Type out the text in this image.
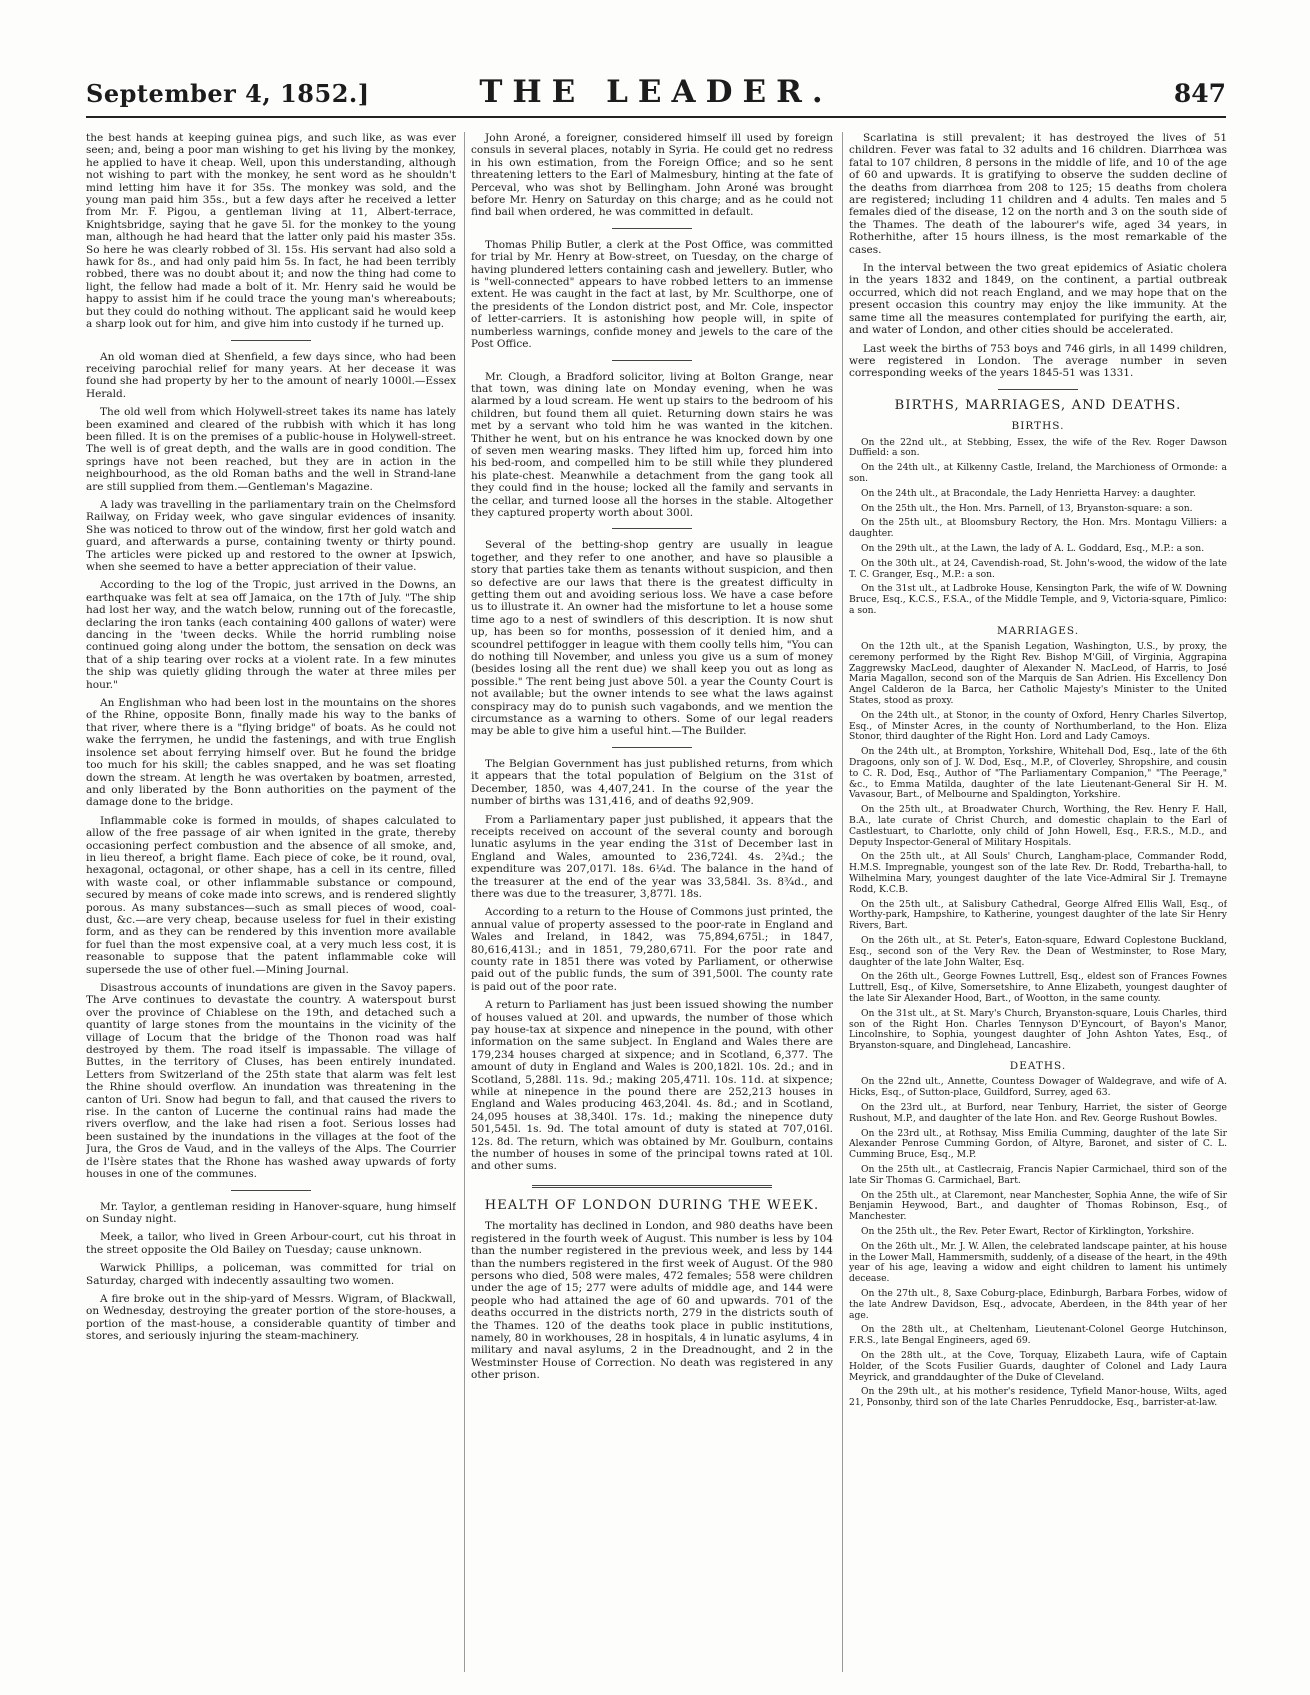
September 4, 1852.]	THE LEADER.	847

the best hands at keeping guinea pigs, and such like, as was ever seen; and, being a poor man wishing to get his living by the monkey, he applied to have it cheap. Well, upon this understanding, although not wishing to part with the monkey, he sent word as he shouldn't mind letting him have it for 35s. The monkey was sold, and the young man paid him 35s., but a few days after he received a letter from Mr. F. Pigou, a gentleman living at 11, Albert-terrace, Knightsbridge, saying that he gave 5l. for the monkey to the young man, although he had heard that the latter only paid his master 35s. So here he was clearly robbed of 3l. 15s. His servant had also sold a hawk for 8s., and had only paid him 5s. In fact, he had been terribly robbed, there was no doubt about it; and now the thing had come to light, the fellow had made a bolt of it. Mr. Henry said he would be happy to assist him if he could trace the young man's whereabouts; but they could do nothing without. The applicant said he would keep a sharp look out for him, and give him into custody if he turned up.

An old woman died at Shenfield, a few days since, who had been receiving parochial relief for many years. At her decease it was found she had property by her to the amount of nearly 1000l.—Essex Herald.

The old well from which Holywell-street takes its name has lately been examined and cleared of the rubbish with which it has long been filled. It is on the premises of a public-house in Holywell-street. The well is of great depth, and the walls are in good condition. The springs have not been reached, but they are in action in the neighbourhood, as the old Roman baths and the well in Strand-lane are still supplied from them.—Gentleman's Magazine.

A lady was travelling in the parliamentary train on the Chelmsford Railway, on Friday week, who gave singular evidences of insanity. She was noticed to throw out of the window, first her gold watch and guard, and afterwards a purse, containing twenty or thirty pound. The articles were picked up and restored to the owner at Ipswich, when she seemed to have a better appreciation of their value.

According to the log of the Tropic, just arrived in the Downs, an earthquake was felt at sea off Jamaica, on the 17th of July. "The ship had lost her way, and the watch below, running out of the forecastle, declaring the iron tanks (each containing 400 gallons of water) were dancing in the 'tween decks. While the horrid rumbling noise continued going along under the bottom, the sensation on deck was that of a ship tearing over rocks at a violent rate. In a few minutes the ship was quietly gliding through the water at three miles per hour."

An Englishman who had been lost in the mountains on the shores of the Rhine, opposite Bonn, finally made his way to the banks of that river, where there is a "flying bridge" of boats. As he could not wake the ferrymen, he undid the fastenings, and with true English insolence set about ferrying himself over. But he found the bridge too much for his skill; the cables snapped, and he was set floating down the stream. At length he was overtaken by boatmen, arrested, and only liberated by the Bonn authorities on the payment of the damage done to the bridge.

Inflammable coke is formed in moulds, of shapes calculated to allow of the free passage of air when ignited in the grate, thereby occasioning perfect combustion and the absence of all smoke, and, in lieu thereof, a bright flame. Each piece of coke, be it round, oval, hexagonal, octagonal, or other shape, has a cell in its centre, filled with waste coal, or other inflammable substance or compound, secured by means of coke made into screws, and is rendered slightly porous. As many substances—such as small pieces of wood, coal-dust, &c.—are very cheap, because useless for fuel in their existing form, and as they can be rendered by this invention more available for fuel than the most expensive coal, at a very much less cost, it is reasonable to suppose that the patent inflammable coke will supersede the use of other fuel.—Mining Journal.

Disastrous accounts of inundations are given in the Savoy papers. The Arve continues to devastate the country. A waterspout burst over the province of Chiablese on the 19th, and detached such a quantity of large stones from the mountains in the vicinity of the village of Locum that the bridge of the Thonon road was half destroyed by them. The road itself is impassable. The village of Buttes, in the territory of Cluses, has been entirely inundated. Letters from Switzerland of the 25th state that alarm was felt lest the Rhine should overflow. An inundation was threatening in the canton of Uri. Snow had begun to fall, and that caused the rivers to rise. In the canton of Lucerne the continual rains had made the rivers overflow, and the lake had risen a foot. Serious losses had been sustained by the inundations in the villages at the foot of the Jura, the Gros de Vaud, and in the valleys of the Alps. The Courrier de l'Isère states that the Rhone has washed away upwards of forty houses in one of the communes.

Mr. Taylor, a gentleman residing in Hanover-square, hung himself on Sunday night.

Meek, a tailor, who lived in Green Arbour-court, cut his throat in the street opposite the Old Bailey on Tuesday; cause unknown.

Warwick Phillips, a policeman, was committed for trial on Saturday, charged with indecently assaulting two women.

A fire broke out in the ship-yard of Messrs. Wigram, of Blackwall, on Wednesday, destroying the greater portion of the store-houses, a portion of the mast-house, a considerable quantity of timber and stores, and seriously injuring the steam-machinery.

John Aroné, a foreigner, considered himself ill used by foreign consuls in several places, notably in Syria. He could get no redress in his own estimation, from the Foreign Office; and so he sent threatening letters to the Earl of Malmesbury, hinting at the fate of Perceval, who was shot by Bellingham. John Aroné was brought before Mr. Henry on Saturday on this charge; and as he could not find bail when ordered, he was committed in default.

Thomas Philip Butler, a clerk at the Post Office, was committed for trial by Mr. Henry at Bow-street, on Tuesday, on the charge of having plundered letters containing cash and jewellery. Butler, who is "well-connected" appears to have robbed letters to an immense extent. He was caught in the fact at last, by Mr. Sculthorpe, one of the presidents of the London district post, and Mr. Cole, inspector of letter-carriers. It is astonishing how people will, in spite of numberless warnings, confide money and jewels to the care of the Post Office.

Mr. Clough, a Bradford solicitor, living at Bolton Grange, near that town, was dining late on Monday evening, when he was alarmed by a loud scream. He went up stairs to the bedroom of his children, but found them all quiet. Returning down stairs he was met by a servant who told him he was wanted in the kitchen. Thither he went, but on his entrance he was knocked down by one of seven men wearing masks. They lifted him up, forced him into his bed-room, and compelled him to be still while they plundered his plate-chest. Meanwhile a detachment from the gang took all they could find in the house; locked all the family and servants in the cellar, and turned loose all the horses in the stable. Altogether they captured property worth about 300l.

Several of the betting-shop gentry are usually in league together, and they refer to one another, and have so plausible a story that parties take them as tenants without suspicion, and then so defective are our laws that there is the greatest difficulty in getting them out and avoiding serious loss. We have a case before us to illustrate it. An owner had the misfortune to let a house some time ago to a nest of swindlers of this description. It is now shut up, has been so for months, possession of it denied him, and a scoundrel pettifogger in league with them coolly tells him, "You can do nothing till November, and unless you give us a sum of money (besides losing all the rent due) we shall keep you out as long as possible." The rent being just above 50l. a year the County Court is not available; but the owner intends to see what the laws against conspiracy may do to punish such vagabonds, and we mention the circumstance as a warning to others. Some of our legal readers may be able to give him a useful hint.—The Builder.

The Belgian Government has just published returns, from which it appears that the total population of Belgium on the 31st of December, 1850, was 4,407,241. In the course of the year the number of births was 131,416, and of deaths 92,909.

From a Parliamentary paper just published, it appears that the receipts received on account of the several county and borough lunatic asylums in the year ending the 31st of December last in England and Wales, amounted to 236,724l. 4s. 2¾d.; the expenditure was 207,017l. 18s. 6¼d. The balance in the hand of the treasurer at the end of the year was 33,584l. 3s. 8¾d., and there was due to the treasurer, 3,877l. 18s.

According to a return to the House of Commons just printed, the annual value of property assessed to the poor-rate in England and Wales and Ireland, in 1842, was 75,894,675l.; in 1847, 80,616,413l.; and in 1851, 79,280,671l. For the poor rate and county rate in 1851 there was voted by Parliament, or otherwise paid out of the public funds, the sum of 391,500l. The county rate is paid out of the poor rate.

A return to Parliament has just been issued showing the number of houses valued at 20l. and upwards, the number of those which pay house-tax at sixpence and ninepence in the pound, with other information on the same subject. In England and Wales there are 179,234 houses charged at sixpence; and in Scotland, 6,377. The amount of duty in England and Wales is 200,182l. 10s. 2d.; and in Scotland, 5,288l. 11s. 9d.; making 205,471l. 10s. 11d. at sixpence; while at ninepence in the pound there are 252,213 houses in England and Wales producing 463,204l. 4s. 8d.; and in Scotland, 24,095 houses at 38,340l. 17s. 1d.; making the ninepence duty 501,545l. 1s. 9d. The total amount of duty is stated at 707,016l. 12s. 8d. The return, which was obtained by Mr. Goulburn, contains the number of houses in some of the principal towns rated at 10l. and other sums.

HEALTH OF LONDON DURING THE WEEK.

The mortality has declined in London, and 980 deaths have been registered in the fourth week of August. This number is less by 104 than the number registered in the previous week, and less by 144 than the numbers registered in the first week of August. Of the 980 persons who died, 508 were males, 472 females; 558 were children under the age of 15; 277 were adults of middle age, and 144 were people who had attained the age of 60 and upwards. 701 of the deaths occurred in the districts north, 279 in the districts south of the Thames. 120 of the deaths took place in public institutions, namely, 80 in workhouses, 28 in hospitals, 4 in lunatic asylums, 4 in military and naval asylums, 2 in the Dreadnought, and 2 in the Westminster House of Correction. No death was registered in any other prison.

Scarlatina is still prevalent; it has destroyed the lives of 51 children. Fever was fatal to 32 adults and 16 children. Diarrhœa was fatal to 107 children, 8 persons in the middle of life, and 10 of the age of 60 and upwards. It is gratifying to observe the sudden decline of the deaths from diarrhœa from 208 to 125; 15 deaths from cholera are registered; including 11 children and 4 adults. Ten males and 5 females died of the disease, 12 on the north and 3 on the south side of the Thames. The death of the labourer's wife, aged 34 years, in Rotherhithe, after 15 hours illness, is the most remarkable of the cases.

In the interval between the two great epidemics of Asiatic cholera in the years 1832 and 1849, on the continent, a partial outbreak occurred, which did not reach England, and we may hope that on the present occasion this country may enjoy the like immunity. At the same time all the measures contemplated for purifying the earth, air, and water of London, and other cities should be accelerated.

Last week the births of 753 boys and 746 girls, in all 1499 children, were registered in London. The average number in seven corresponding weeks of the years 1845-51 was 1331.

BIRTHS, MARRIAGES, AND DEATHS.
BIRTHS.

On the 22nd ult., at Stebbing, Essex, the wife of the Rev. Roger Dawson Duffield: a son.

On the 24th ult., at Kilkenny Castle, Ireland, the Marchioness of Ormonde: a son.

On the 24th ult., at Bracondale, the Lady Henrietta Harvey: a daughter.

On the 25th ult., the Hon. Mrs. Parnell, of 13, Bryanston-square: a son.

On the 25th ult., at Bloomsbury Rectory, the Hon. Mrs. Montagu Villiers: a daughter.

On the 29th ult., at the Lawn, the lady of A. L. Goddard, Esq., M.P.: a son.

On the 30th ult., at 24, Cavendish-road, St. John's-wood, the widow of the late T. C. Granger, Esq., M.P.: a son.

On the 31st ult., at Ladbroke House, Kensington Park, the wife of W. Downing Bruce, Esq., K.C.S., F.S.A., of the Middle Temple, and 9, Victoria-square, Pimlico: a son.

MARRIAGES.

On the 12th ult., at the Spanish Legation, Washington, U.S., by proxy, the ceremony performed by the Right Rev. Bishop M'Gill, of Virginia, Aggrapina Zaggrewsky MacLeod, daughter of Alexander N. MacLeod, of Harris, to José Maria Magallon, second son of the Marquis de San Adrien. His Excellency Don Angel Calderon de la Barca, her Catholic Majesty's Minister to the United States, stood as proxy.

On the 24th ult., at Stonor, in the county of Oxford, Henry Charles Silvertop, Esq., of Minster Acres, in the county of Northumberland, to the Hon. Eliza Stonor, third daughter of the Right Hon. Lord and Lady Camoys.

On the 24th ult., at Brompton, Yorkshire, Whitehall Dod, Esq., late of the 6th Dragoons, only son of J. W. Dod, Esq., M.P., of Cloverley, Shropshire, and cousin to C. R. Dod, Esq., Author of "The Parliamentary Companion," "The Peerage," &c., to Emma Matilda, daughter of the late Lieutenant-General Sir H. M. Vavasour, Bart., of Melbourne and Spaldington, Yorkshire.

On the 25th ult., at Broadwater Church, Worthing, the Rev. Henry F. Hall, B.A., late curate of Christ Church, and domestic chaplain to the Earl of Castlestuart, to Charlotte, only child of John Howell, Esq., F.R.S., M.D., and Deputy Inspector-General of Military Hospitals.

On the 25th ult., at All Souls' Church, Langham-place, Commander Rodd, H.M.S. Impregnable, youngest son of the late Rev. Dr. Rodd, Trebartha-hall, to Wilhelmina Mary, youngest daughter of the late Vice-Admiral Sir J. Tremayne Rodd, K.C.B.

On the 25th ult., at Salisbury Cathedral, George Alfred Ellis Wall, Esq., of Worthy-park, Hampshire, to Katherine, youngest daughter of the late Sir Henry Rivers, Bart.

On the 26th ult., at St. Peter's, Eaton-square, Edward Coplestone Buckland, Esq., second son of the Very Rev. the Dean of Westminster, to Rose Mary, daughter of the late John Walter, Esq.

On the 26th ult., George Fownes Luttrell, Esq., eldest son of Frances Fownes Luttrell, Esq., of Kilve, Somersetshire, to Anne Elizabeth, youngest daughter of the late Sir Alexander Hood, Bart., of Wootton, in the same county.

On the 31st ult., at St. Mary's Church, Bryanston-square, Louis Charles, third son of the Right Hon. Charles Tennyson D'Eyncourt, of Bayon's Manor, Lincolnshire, to Sophia, youngest daughter of John Ashton Yates, Esq., of Bryanston-square, and Dinglehead, Lancashire.

DEATHS.

On the 22nd ult., Annette, Countess Dowager of Waldegrave, and wife of A. Hicks, Esq., of Sutton-place, Guildford, Surrey, aged 63.

On the 23rd ult., at Burford, near Tenbury, Harriet, the sister of George Rushout, M.P., and daughter of the late Hon. and Rev. George Rushout Bowles.

On the 23rd ult., at Rothsay, Miss Emilia Cumming, daughter of the late Sir Alexander Penrose Cumming Gordon, of Altyre, Baronet, and sister of C. L. Cumming Bruce, Esq., M.P.

On the 25th ult., at Castlecraig, Francis Napier Carmichael, third son of the late Sir Thomas G. Carmichael, Bart.

On the 25th ult., at Claremont, near Manchester, Sophia Anne, the wife of Sir Benjamin Heywood, Bart., and daughter of Thomas Robinson, Esq., of Manchester.

On the 25th ult., the Rev. Peter Ewart, Rector of Kirklington, Yorkshire.

On the 26th ult., Mr. J. W. Allen, the celebrated landscape painter, at his house in the Lower Mall, Hammersmith, suddenly, of a disease of the heart, in the 49th year of his age, leaving a widow and eight children to lament his untimely decease.

On the 27th ult., 8, Saxe Coburg-place, Edinburgh, Barbara Forbes, widow of the late Andrew Davidson, Esq., advocate, Aberdeen, in the 84th year of her age.

On the 28th ult., at Cheltenham, Lieutenant-Colonel George Hutchinson, F.R.S., late Bengal Engineers, aged 69.

On the 28th ult., at the Cove, Torquay, Elizabeth Laura, wife of Captain Holder, of the Scots Fusilier Guards, daughter of Colonel and Lady Laura Meyrick, and granddaughter of the Duke of Cleveland.

On the 29th ult., at his mother's residence, Tyfield Manor-house, Wilts, aged 21, Ponsonby, third son of the late Charles Penruddocke, Esq., barrister-at-law.
